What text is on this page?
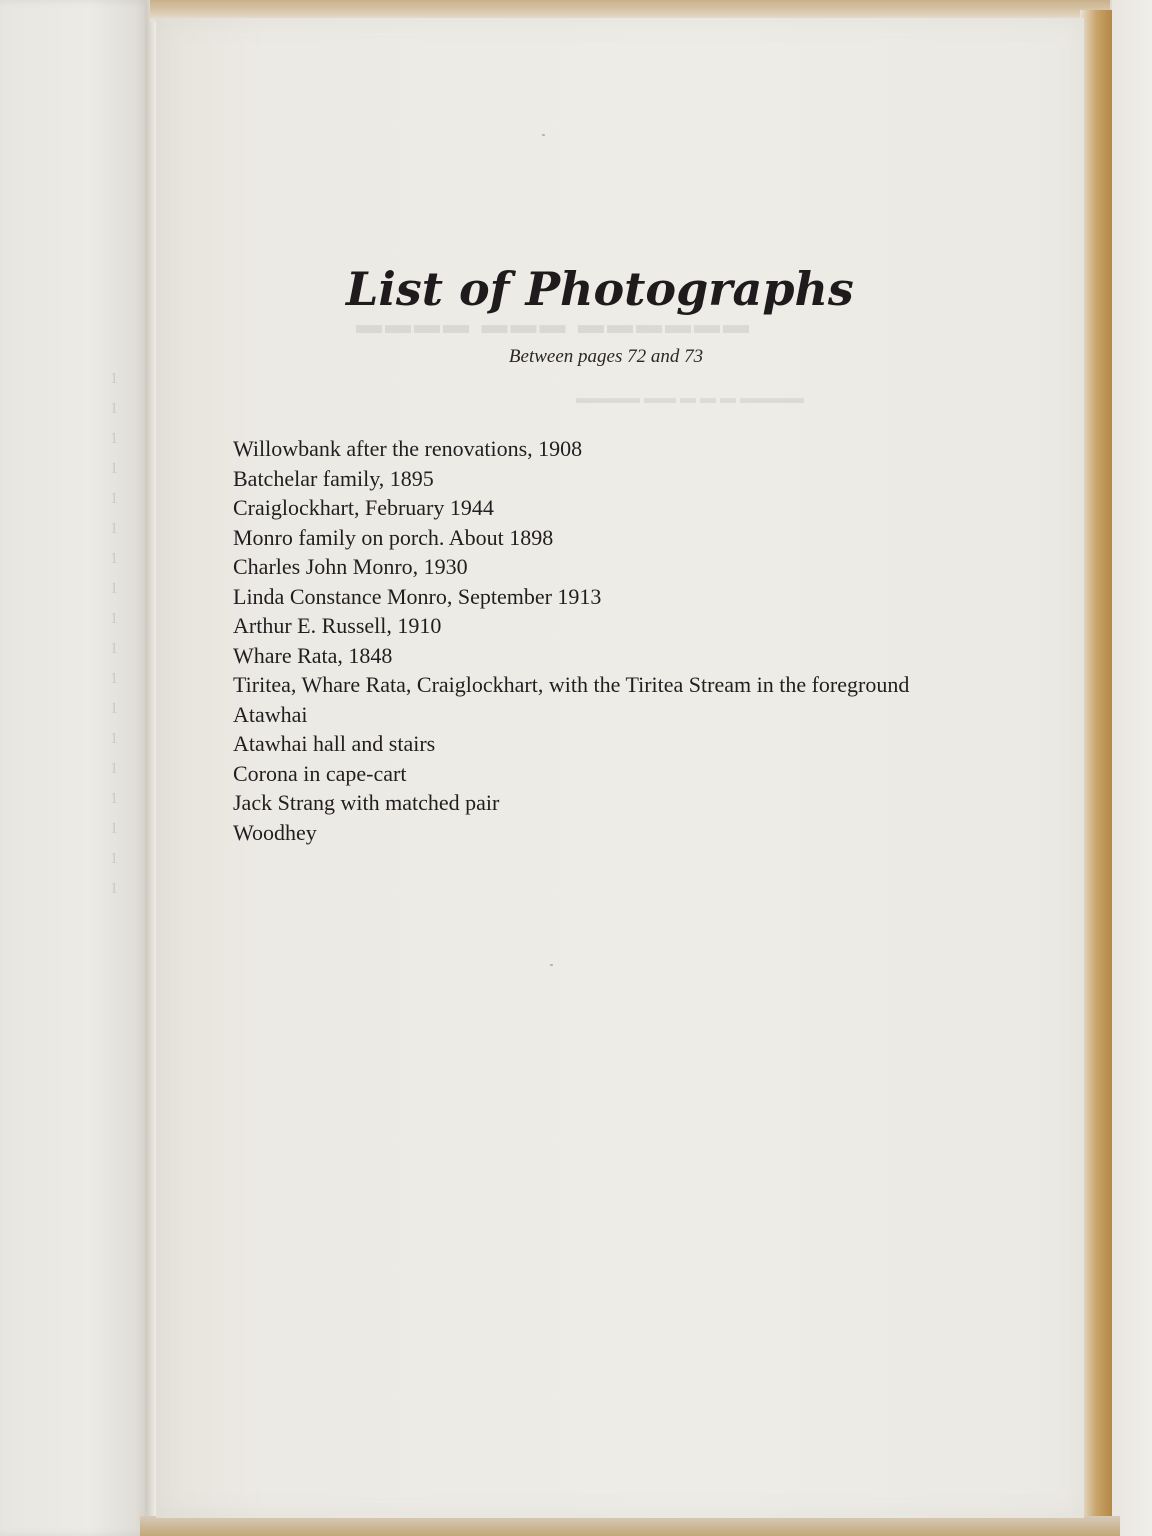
1
1
1
1
1
1
1
1
1
1
1
1
1
1
1
1
1
1
▬▬▬▬ ▬▬▬ ▬▬▬▬▬▬
▬▬▬▬ ▬▬ ▬ ▬ ▬ ▬▬▬▬
List of Photographs

Between pages 72 and 73

Willowbank after the renovations, 1908
Batchelar family, 1895
Craiglockhart, February 1944
Monro family on porch. About 1898
Charles John Monro, 1930
Linda Constance Monro, September 1913
Arthur E. Russell, 1910
Whare Rata, 1848
Tiritea, Whare Rata, Craiglockhart, with the Tiritea Stream in the foreground
Atawhai
Atawhai hall and stairs
Corona in cape-cart
Jack Strang with matched pair
Woodhey
